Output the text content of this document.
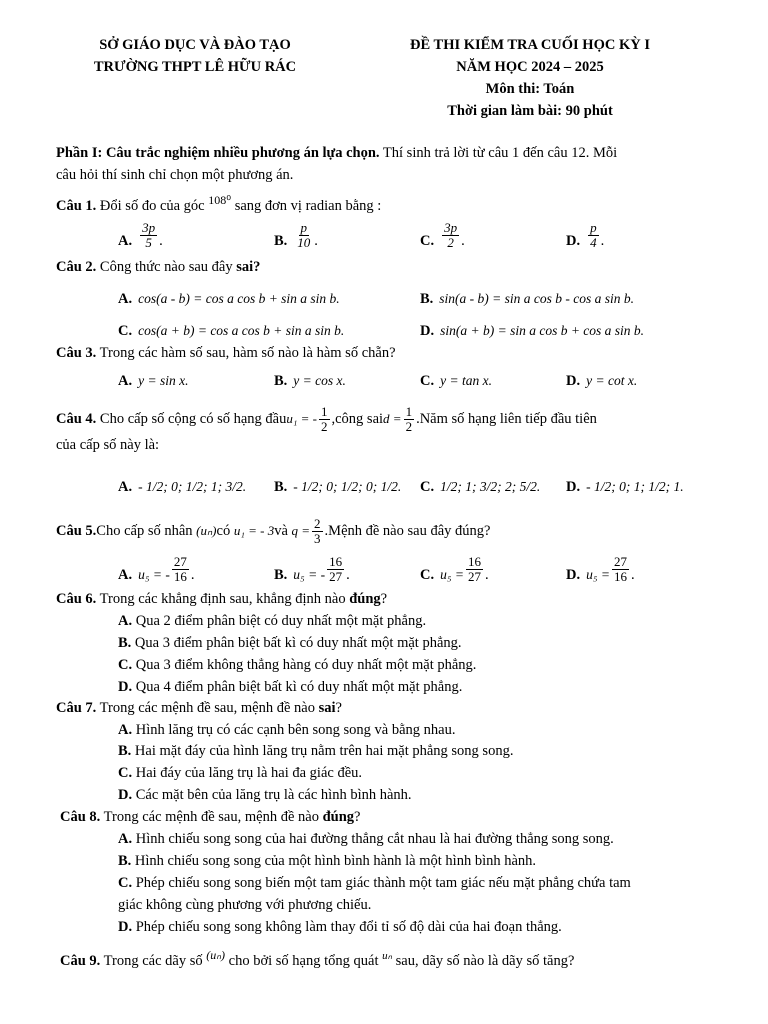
SỞ GIÁO DỤC VÀ ĐÀO TẠO
TRƯỜNG THPT LÊ HỮU RÁC
ĐỀ THI KIỂM TRA CUỐI HỌC KỲ I
NĂM HỌC 2024 – 2025
Môn thi: Toán
Thời gian làm bài: 90 phút
Phần I: Câu trắc nghiệm nhiều phương án lựa chọn. Thí sinh trả lời từ câu 1 đến câu 12. Mỗi
câu hỏi thí sinh chỉ chọn một phương án.
Câu 1. Đổi số đo của góc $^{108^0}$ sang đơn vị radian bằng :
A. $\frac{3p}{5}$ .	B. $\frac{p}{10}$ .	C. $\frac{3p}{2}$ .	D. $\frac{p}{4}$ .
Câu 2. Công thức nào sau đây sai?
A. cos(a - b) = cos a cos b + sin a sin b.	B. sin(a - b) = sin a cos b - cos a sin b.
C. cos(a + b) = cos a cos b + sin a sin b.	D. sin(a + b) = sin a cos b + cos a sin b.
Câu 3. Trong các hàm số sau, hàm số nào là hàm số chẵn?
A. y = sin x.	B. y = cos x.	C. y = tan x.	D. y = cot x.
Câu 4.
Cho cấp số cộng có số hạng đầu u₁ = - $\frac{1}{2}$ , công sai $d = \frac{1}{2}$ . Năm số hạng liên tiếp đầu tiên
của cấp số này là:
A. - 1/2; 0; 1/2; 1; 3/2. B. - 1/2; 0; 1/2; 0; 1/2. C. 1/2; 1; 3/2; 2; 5/2. D. - 1/2; 0; 1; 1/2; 1.
Câu 5. Cho cấp số nhân
(uₙ) có
u₁ = - 3 và
$q = \frac{2}{3}$ . Mệnh đề nào sau đây đúng?
A. u₅ = - $\frac{27}{16}$ .	B. u₅ = - $\frac{16}{27}$ .	C. $u_5 = \frac{16}{27}$ .	D. $u_5 = \frac{27}{16}$ .
Câu 6. Trong các khẳng định sau, khẳng định nào đúng?
A. Qua 2 điểm phân biệt có duy nhất một mặt phẳng.
B. Qua 3 điểm phân biệt bất kì có duy nhất một mặt phẳng.
C. Qua 3 điểm không thẳng hàng có duy nhất một mặt phẳng.
D. Qua 4 điểm phân biệt bất kì có duy nhất một mặt phẳng.
Câu 7. Trong các mệnh đề sau, mệnh đề nào sai?
A. Hình lăng trụ có các cạnh bên song song và bằng nhau.
B. Hai mặt đáy của hình lăng trụ nằm trên hai mặt phẳng song song.
C. Hai đáy của lăng trụ là hai đa giác đều.
D. Các mặt bên của lăng trụ là các hình bình hành.
Câu 8. Trong các mệnh đề sau, mệnh đề nào đúng?
A. Hình chiếu song song của hai đường thẳng cắt nhau là hai đường thẳng song song.
B. Hình chiếu song song của một hình bình hành là một hình bình hành.
C. Phép chiếu song song biến một tam giác thành một tam giác nếu mặt phẳng chứa tam
giác không cùng phương với phương chiếu.
D. Phép chiếu song song không làm thay đổi tỉ số độ dài của hai đoạn thẳng.
Câu 9. Trong các dãy số $^{(u_n)}$ cho bởi số hạng tổng quát $^{u_n}$ sau, dãy số nào là dãy số tăng?
